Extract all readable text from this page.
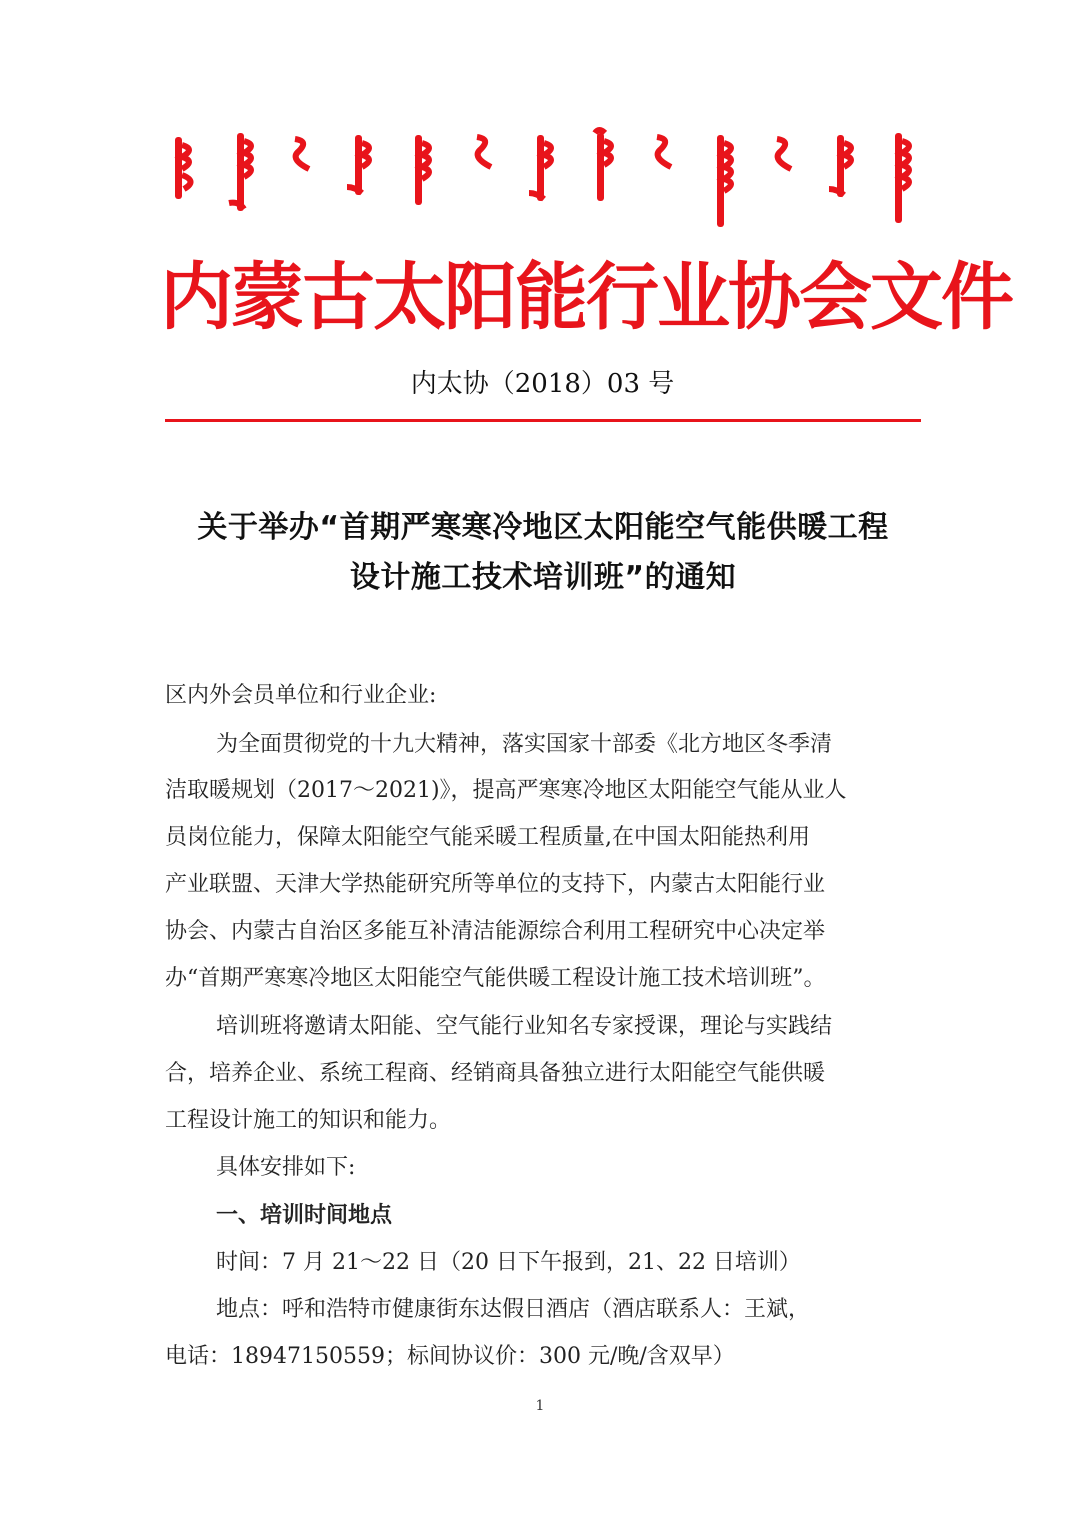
内蒙古太阳能行业协会文件
内太协（2018）03 号
关于举办“首期严寒寒冷地区太阳能空气能供暖工程
设计施工技术培训班”的通知
区内外会员单位和行业企业:
为全面贯彻党的十九大精神，落实国家十部委《北方地区冬季清
洁取暖规划（2017～2021)》，提高严寒寒冷地区太阳能空气能从业人
员岗位能力，保障太阳能空气能采暖工程质量,在中国太阳能热利用
产业联盟、天津大学热能研究所等单位的支持下，内蒙古太阳能行业
协会、内蒙古自治区多能互补清洁能源综合利用工程研究中心决定举
办“首期严寒寒冷地区太阳能空气能供暖工程设计施工技术培训班”。
培训班将邀请太阳能、空气能行业知名专家授课，理论与实践结
合，培养企业、系统工程商、经销商具备独立进行太阳能空气能供暖
工程设计施工的知识和能力。
具体安排如下:
一、培训时间地点
时间：7 月 21～22 日（20 日下午报到，21、22 日培训）
地点：呼和浩特市健康街东达假日酒店（酒店联系人：王斌，
电话：18947150559；标间协议价：300 元/晚/含双早）
1
